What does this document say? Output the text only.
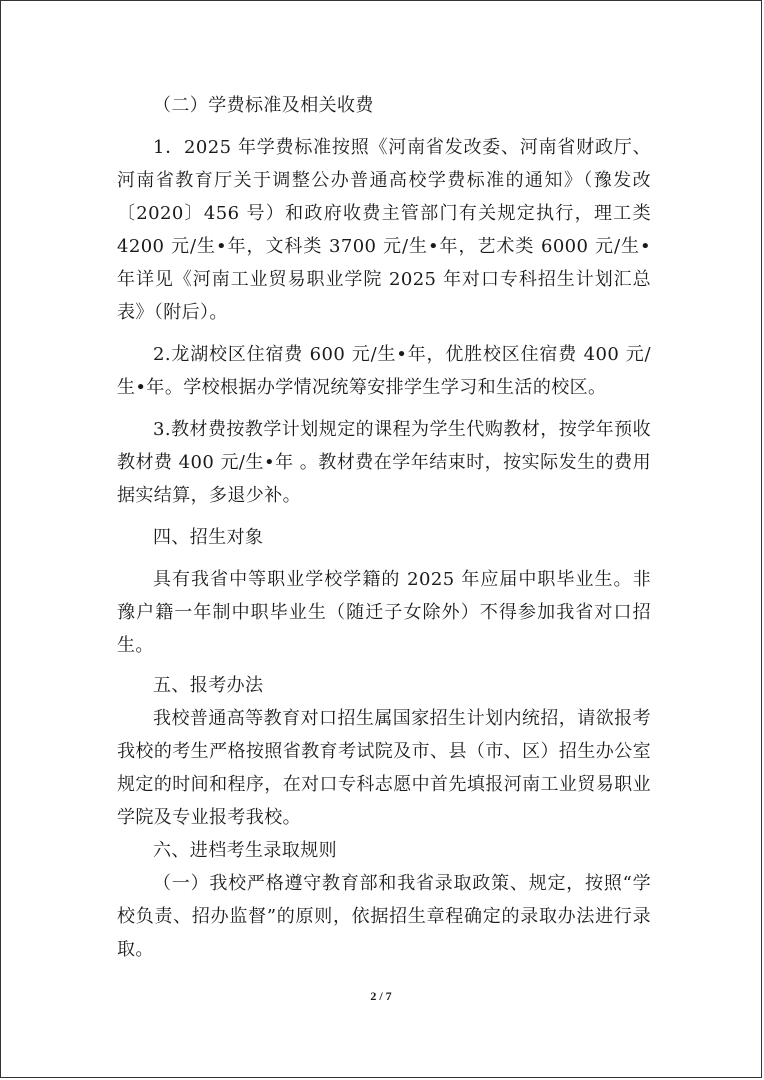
（二）学费标准及相关收费

1．2025 年学费标准按照《河南省发改委、河南省财政厅、河南省教育厅关于调整公办普通高校学费标准的通知》（豫发改〔2020〕456 号）和政府收费主管部门有关规定执行，理工类 4200 元/生•年，文科类 3700 元/生•年，艺术类 6000 元/生•年详见《河南工业贸易职业学院 2025 年对口专科招生计划汇总表》（附后）。

2.龙湖校区住宿费 600 元/生•年，优胜校区住宿费 400 元/生•年。学校根据办学情况统筹安排学生学习和生活的校区。

3.教材费按教学计划规定的课程为学生代购教材，按学年预收教材费 400 元/生•年 。教材费在学年结束时，按实际发生的费用据实结算，多退少补。

四、招生对象

具有我省中等职业学校学籍的 2025 年应届中职毕业生。非豫户籍一年制中职毕业生（随迁子女除外）不得参加我省对口招生。

五、报考办法

我校普通高等教育对口招生属国家招生计划内统招，请欲报考我校的考生严格按照省教育考试院及市、县（市、区）招生办公室规定的时间和程序，在对口专科志愿中首先填报河南工业贸易职业学院及专业报考我校。

六、进档考生录取规则

（一）我校严格遵守教育部和我省录取政策、规定，按照“学校负责、招办监督”的原则，依据招生章程确定的录取办法进行录取。

2 / 7
